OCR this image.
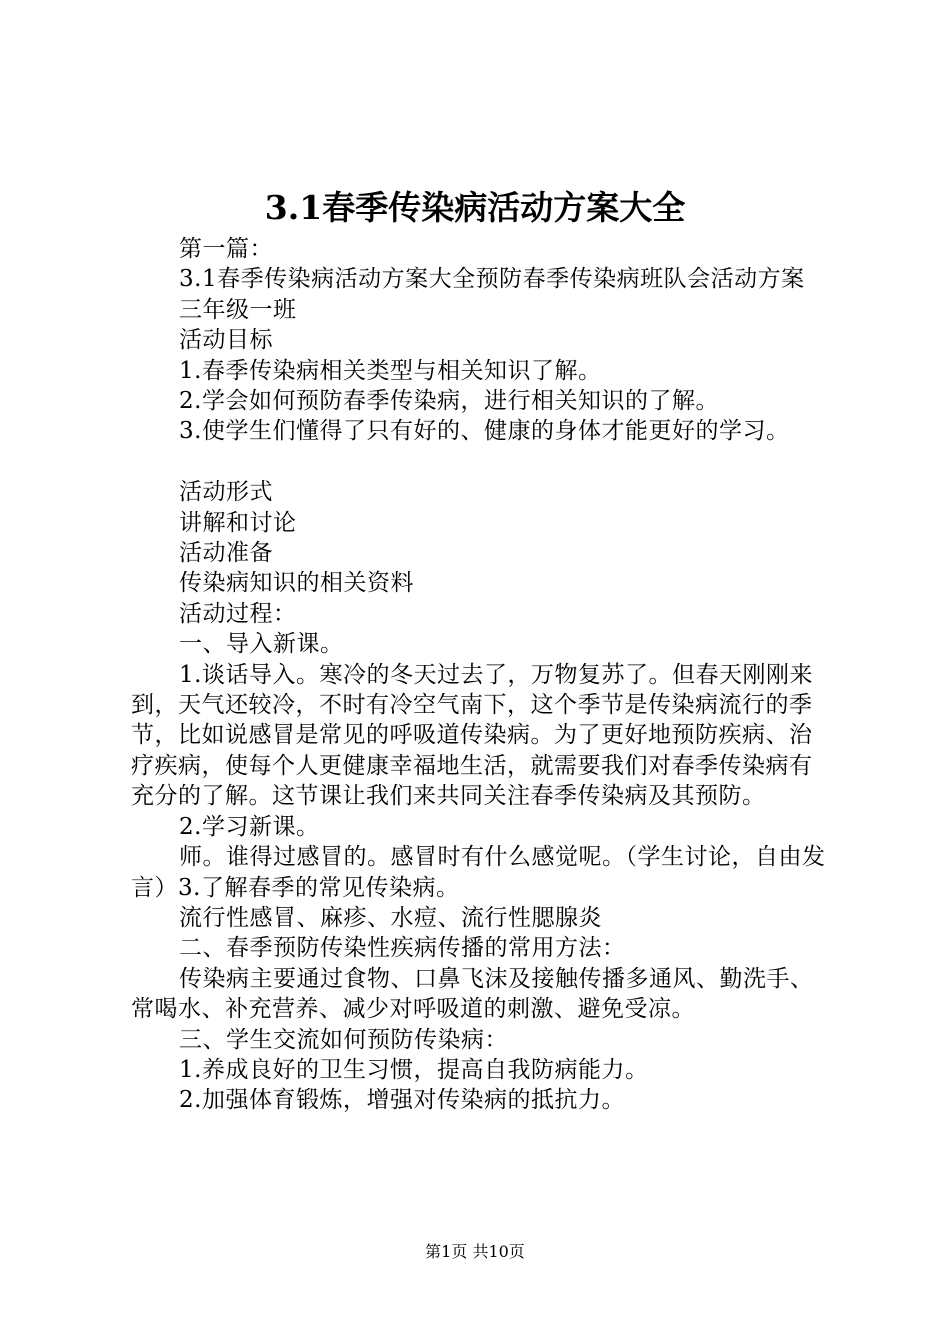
3.1春季传染病活动方案大全

第一篇：

3.1春季传染病活动方案大全预防春季传染病班队会活动方案

三年级一班

活动目标

1.春季传染病相关类型与相关知识了解。

2.学会如何预防春季传染病，进行相关知识的了解。

3.使学生们懂得了只有好的、健康的身体才能更好的学习。

活动形式

讲解和讨论

活动准备

传染病知识的相关资料

活动过程：

一、导入新课。

1.谈话导入。寒冷的冬天过去了，万物复苏了。但春天刚刚来到，天气还较冷，不时有冷空气南下，这个季节是传染病流行的季节，比如说感冒是常见的呼吸道传染病。为了更好地预防疾病、治疗疾病，使每个人更健康幸福地生活，就需要我们对春季传染病有充分的了解。这节课让我们来共同关注春季传染病及其预防。

2.学习新课。

师。谁得过感冒的。感冒时有什么感觉呢。（学生讨论，自由发言）3.了解春季的常见传染病。

流行性感冒、麻疹、水痘、流行性腮腺炎

二、春季预防传染性疾病传播的常用方法：

传染病主要通过食物、口鼻飞沫及接触传播多通风、勤洗手、常喝水、补充营养、减少对呼吸道的刺激、避免受凉。

三、学生交流如何预防传染病：

1.养成良好的卫生习惯，提高自我防病能力。

2.加强体育锻炼，增强对传染病的抵抗力。

第1页 共10页
